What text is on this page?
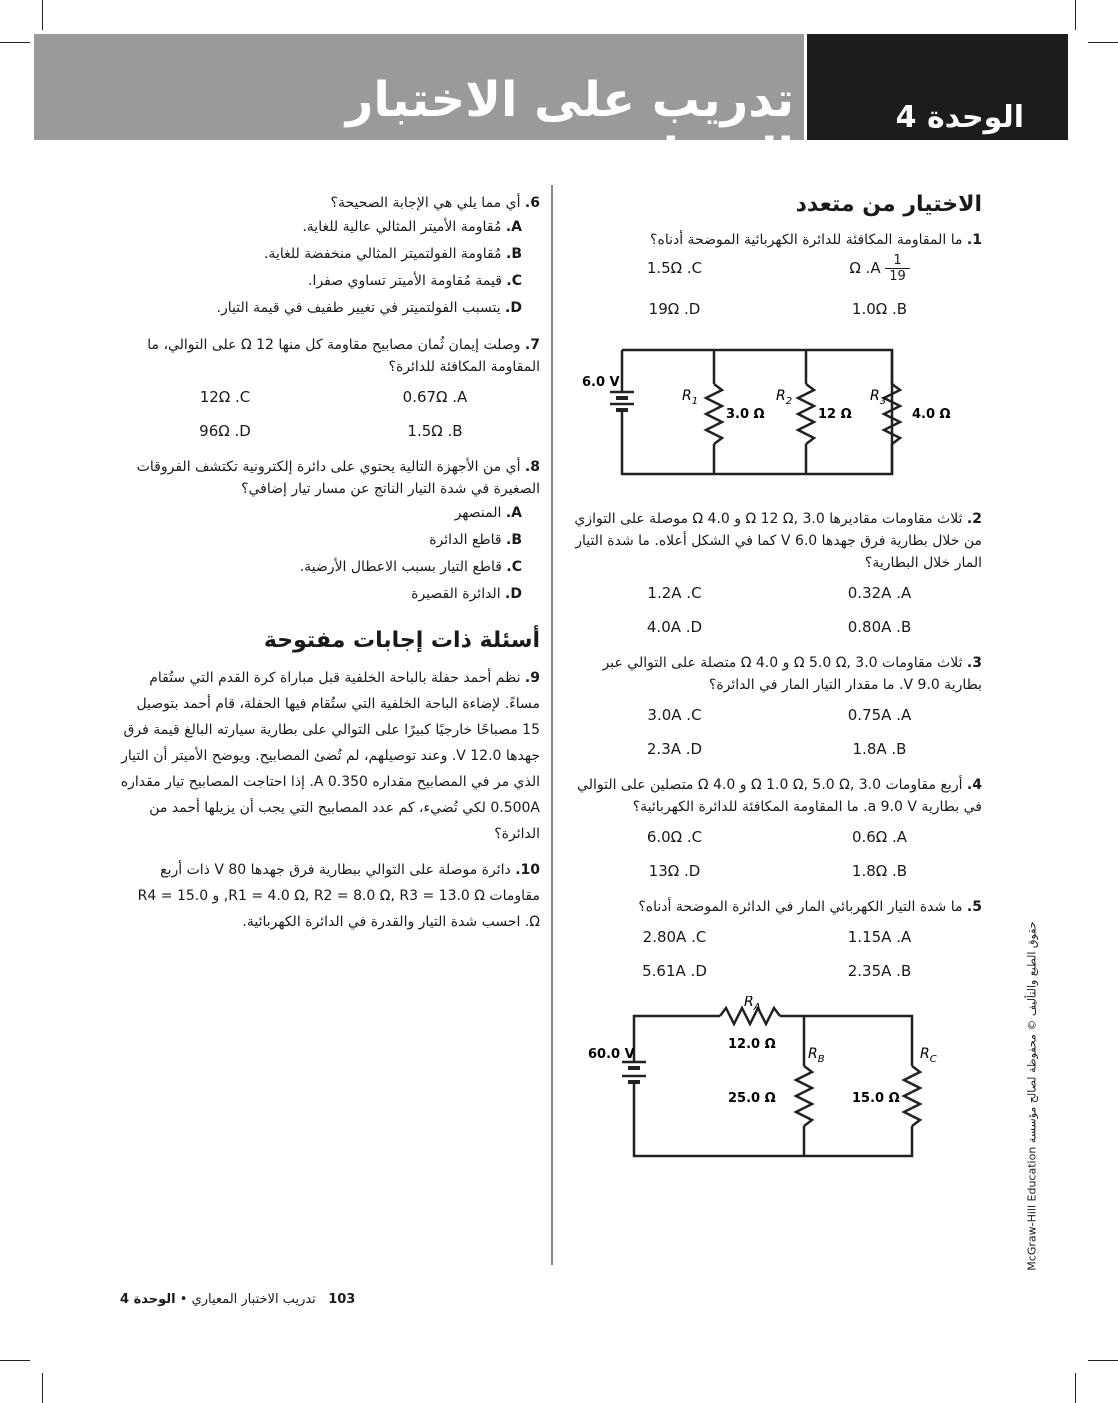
تدريب على الاختبار المعياري
الوحدة 4
الاختيار من متعدد
1. ما المقاومة المكافئة للدائرة الكهربائية الموضحة أدناه؟
$\frac{1}{19}$
Ω .A
1.5Ω .C
1.0Ω .B
19Ω .D
6.0 V
$R_1$
3.0 Ω
$R_2$
12 Ω
$R_3$
4.0 Ω
2. ثلاث مقاومات مقاديرها Ω 12 Ω, 3.0 و Ω 4.0 موصلة على التوازي من خلال بطارية فرق جهدها 6.0 V كما في الشكل أعلاه. ما شدة التيار المار خلال البطارية؟
0.32A .A
1.2A .C
0.80A .B
4.0A .D
3. ثلاث مقاومات Ω 5.0 Ω, 3.0 و Ω 4.0 متصلة على التوالي عبر بطارية 9.0 V. ما مقدار التيار المار في الدائرة؟
0.75A .A
3.0A .C
1.8A .B
2.3A .D
4. أربع مقاومات Ω 1.0 Ω, 5.0 Ω, 3.0 و Ω 4.0 متصلين على التوالي في بطارية a 9.0 V. ما المقاومة المكافئة للدائرة الكهربائية؟
0.6Ω .A
6.0Ω .C
1.8Ω .B
13Ω .D
5. ما شدة التيار الكهربائي المار في الدائرة الموضحة أدناه؟
1.15A .A
2.80A .C
2.35A .B
5.61A .D
60.0 V
$R_A$
12.0 Ω
$R_B$
25.0 Ω
$R_C$
15.0 Ω
6. أي مما يلي هي الإجابة الصحيحة؟
A. مُقاومة الأميتر المثالي عالية للغاية.
B. مُقاومة الفولتميتر المثالي منخفضة للغاية.
C. قيمة مُقاومة الأميتر تساوي صفرا.
D. يتسبب الفولتميتر في تغيير طفيف في قيمة التيار.
7. وصلت إيمان ثُمان مصابيح مقاومة كل منها Ω 12 على التوالي، ما المقاومة المكافئة للدائرة؟
0.67Ω .A
12Ω .C
1.5Ω .B
96Ω .D
8. أي من الأجهزة التالية يحتوي على دائرة إلكترونية تكتشف الفروقات الصغيرة في شدة التيار الناتج عن مسار تيار إضافي؟
A. المنصهر
B. قاطع الدائرة
C. قاطع التيار بسبب الاعطال الأرضية.
D. الدائرة القصيرة
أسئلة ذات إجابات مفتوحة
9. نظم أحمد حفلة بالباحة الخلفية قبل مباراة كرة القدم التي ستُقام مساءً. لإضاءة الباحة الخلفية التي ستُقام فيها الحفلة، قام أحمد بتوصيل 15 مصباحًا خارجيًا كبيرًا على التوالي على بطارية سيارته البالغ قيمة فرق جهدها 12.0 V. وعند توصيلهم، لم تُضئ المصابيح. ويوضح الأميتر أن التيار الذي مر في المصابيح مقداره 0.350 A. إذا احتاجت المصابيح تيار مقداره 0.500A لكي تُضيء، كم عدد المصابيح التي يجب أن يزيلها أحمد من الدائرة؟
10. دائرة موصلة على التوالي ببطارية فرق جهدها 80 V ذات أربع مقاومات R1 = 4.0 Ω, R2 = 8.0 Ω, R3 = 13.0 Ω, و R4 = 15.0 Ω. احسب شدة التيار والقدرة في الدائرة الكهربائية.
103   تدريب الاختبار المعياري • الوحدة 4
حقوق الطبع والتأليف © محفوظة لصالح مؤسسة McGraw-Hill Education
